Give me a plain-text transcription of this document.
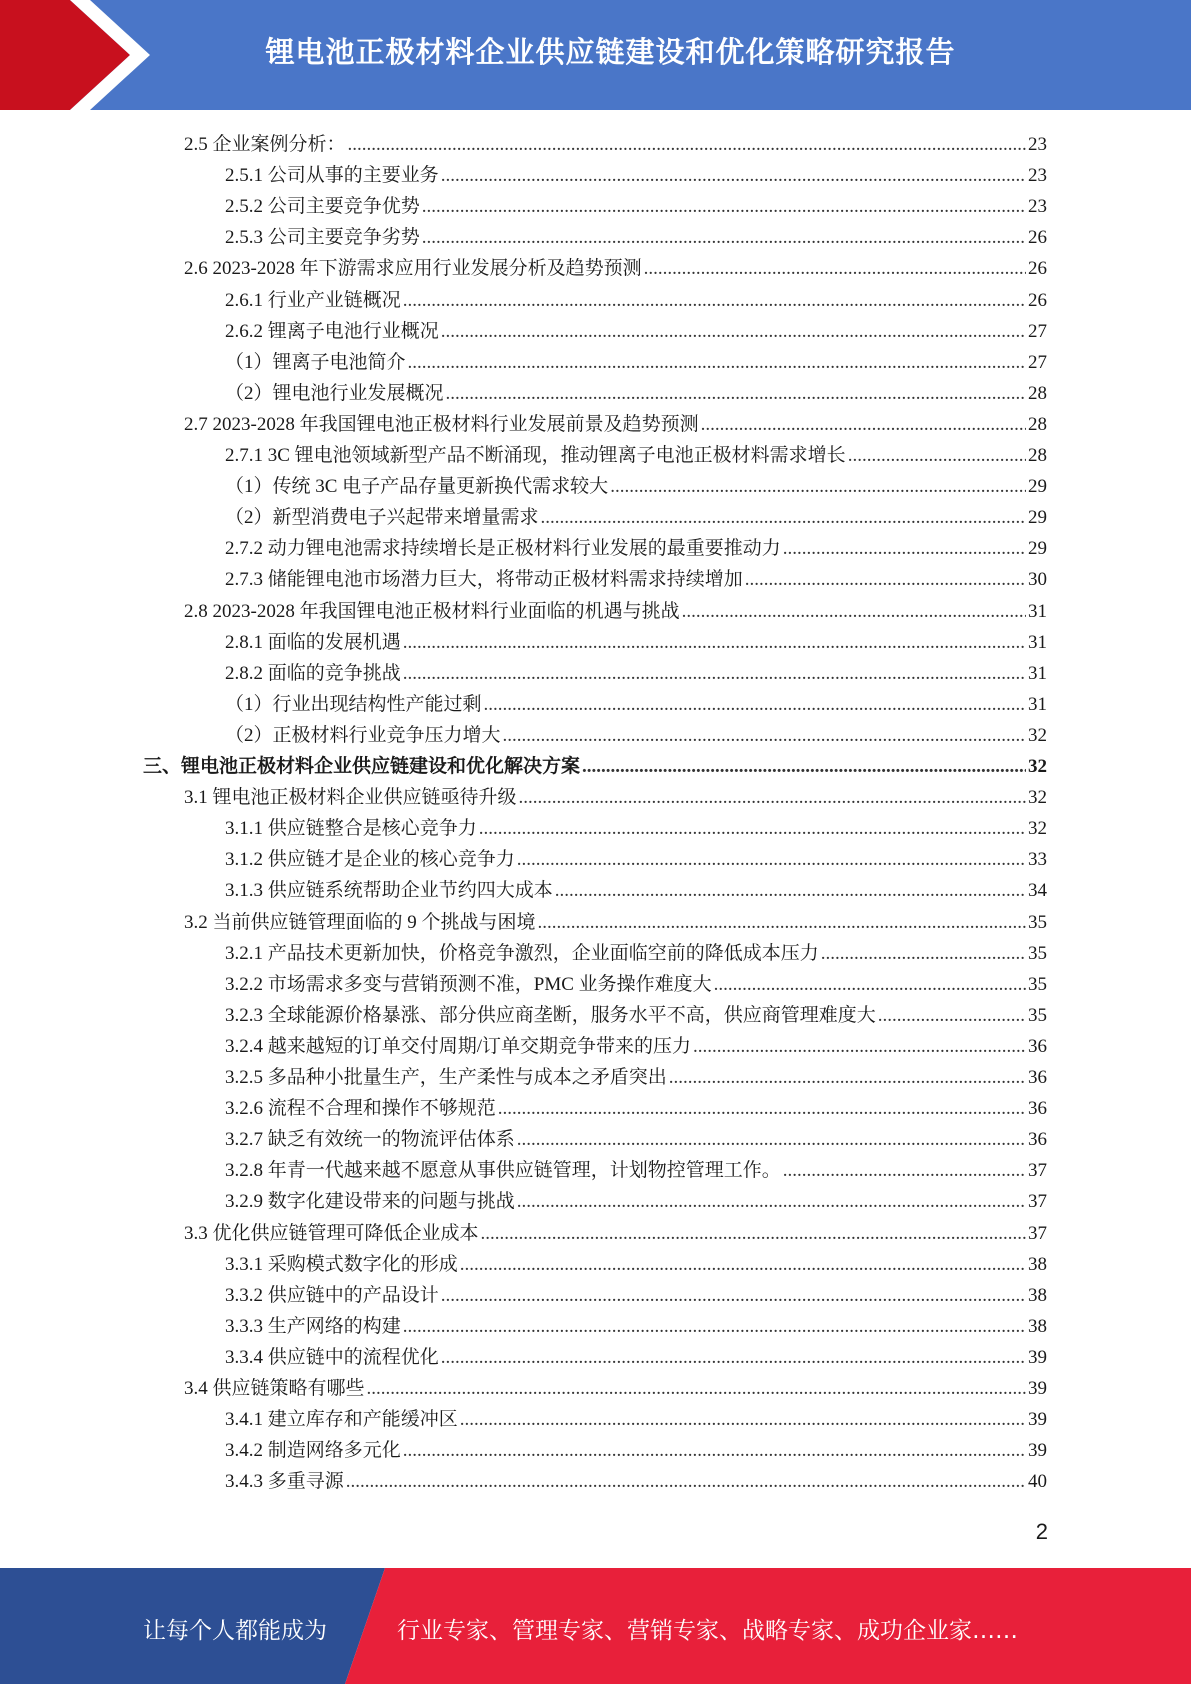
锂电池正极材料企业供应链建设和优化策略研究报告
2.5 企业案例分析： .....	23
2.5.1 公司从事的主要业务 .....	23
2.5.2 公司主要竞争优势 .....	23
2.5.3 公司主要竞争劣势 .....	26
2.6 2023-2028 年下游需求应用行业发展分析及趋势预测 .....	26
2.6.1 行业产业链概况 .....	26
2.6.2 锂离子电池行业概况 .....	27
（1）锂离子电池简介 .....	27
（2）锂电池行业发展概况 .....	28
2.7 2023-2028 年我国锂电池正极材料行业发展前景及趋势预测 .....	28
2.7.1 3C 锂电池领域新型产品不断涌现，推动锂离子电池正极材料需求增长 .....	28
（1）传统 3C 电子产品存量更新换代需求较大 .....	29
（2）新型消费电子兴起带来增量需求 .....	29
2.7.2 动力锂电池需求持续增长是正极材料行业发展的最重要推动力 .....	29
2.7.3 储能锂电池市场潜力巨大，将带动正极材料需求持续增加 .....	30
2.8 2023-2028 年我国锂电池正极材料行业面临的机遇与挑战 .....	31
2.8.1 面临的发展机遇 .....	31
2.8.2 面临的竞争挑战 .....	31
（1）行业出现结构性产能过剩 .....	31
（2）正极材料行业竞争压力增大 .....	32
三、锂电池正极材料企业供应链建设和优化解决方案 .....	32
3.1 锂电池正极材料企业供应链亟待升级 .....	32
3.1.1 供应链整合是核心竞争力 .....	32
3.1.2 供应链才是企业的核心竞争力 .....	33
3.1.3 供应链系统帮助企业节约四大成本 .....	34
3.2 当前供应链管理面临的 9 个挑战与困境 .....	35
3.2.1 产品技术更新加快，价格竞争激烈，企业面临空前的降低成本压力 .....	35
3.2.2 市场需求多变与营销预测不准，PMC 业务操作难度大 .....	35
3.2.3 全球能源价格暴涨、部分供应商垄断，服务水平不高，供应商管理难度大 .....	35
3.2.4 越来越短的订单交付周期/订单交期竞争带来的压力 .....	36
3.2.5 多品种小批量生产，生产柔性与成本之矛盾突出 .....	36
3.2.6 流程不合理和操作不够规范 .....	36
3.2.7 缺乏有效统一的物流评估体系 .....	36
3.2.8 年青一代越来越不愿意从事供应链管理，计划物控管理工作。 .....	37
3.2.9 数字化建设带来的问题与挑战 .....	37
3.3 优化供应链管理可降低企业成本 .....	37
3.3.1 采购模式数字化的形成 .....	38
3.3.2 供应链中的产品设计 .....	38
3.3.3 生产网络的构建 .....	38
3.3.4 供应链中的流程优化 .....	39
3.4 供应链策略有哪些 .....	39
3.4.1 建立库存和产能缓冲区 .....	39
3.4.2 制造网络多元化 .....	39
3.4.3 多重寻源 .....	40
2
让每个人都能成为	行业专家、管理专家、营销专家、战略专家、成功企业家……
